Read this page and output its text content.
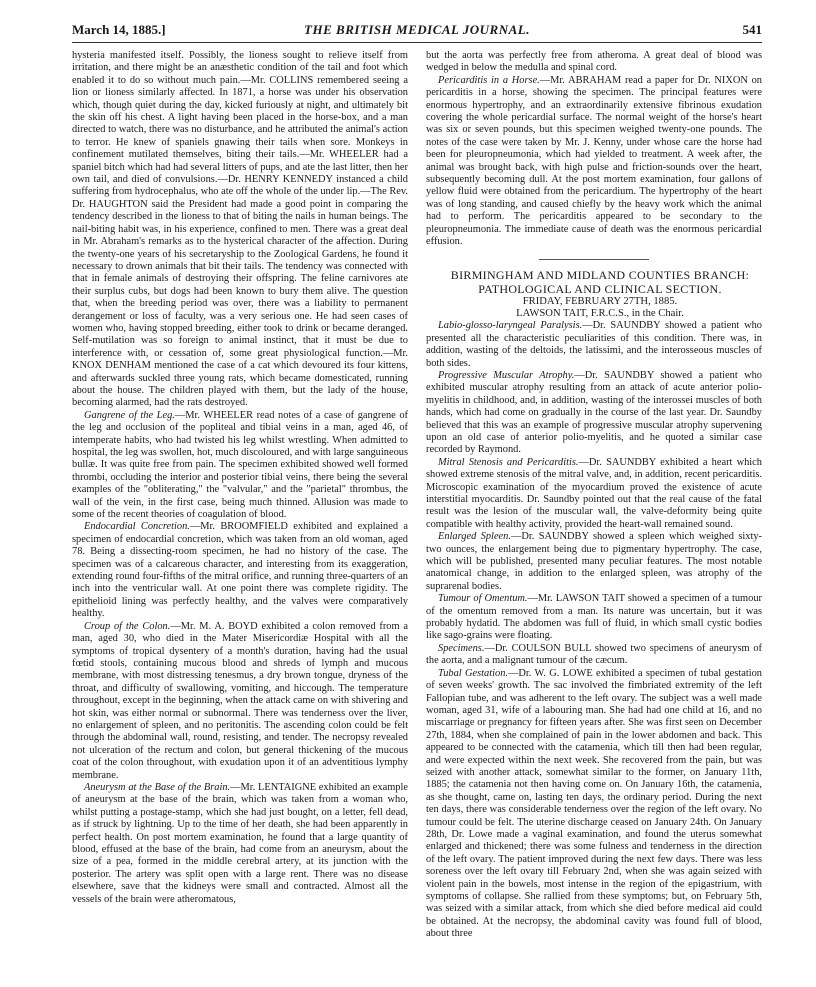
March 14, 1885.]	THE BRITISH MEDICAL JOURNAL.	541

hysteria manifested itself. Possibly, the lioness sought to relieve itself from irritation, and there might be an anæsthetic condition of the tail and foot which enabled it to do so without much pain.—Mr. COLLINS remembered seeing a lion or lioness similarly affected. In 1871, a horse was under his observation which, though quiet during the day, kicked furiously at night, and ultimately bit the skin off his chest. A light having been placed in the horse-box, and a man directed to watch, there was no disturbance, and he attributed the animal's action to terror. He knew of spaniels gnawing their tails when sore. Monkeys in confinement mutilated themselves, biting their tails.—Mr. WHEELER had a spaniel bitch which had had several litters of pups, and ate the last litter, then her own tail, and died of convulsions.—Dr. HENRY KENNEDY instanced a child suffering from hydrocephalus, who ate off the whole of the under lip.—The Rev. Dr. HAUGHTON said the President had made a good point in comparing the tendency described in the lioness to that of biting the nails in human beings. The nail-biting habit was, in his experience, confined to men. There was a great deal in Mr. Abraham's remarks as to the hysterical character of the affection. During the twenty-one years of his secretaryship to the Zoological Gardens, he found it necessary to drown animals that bit their tails. The tendency was connected with that in female animals of destroying their offspring. The feline carnivores ate their surplus cubs, but dogs had been known to bury them alive. The question that, when the breeding period was over, there was a liability to permanent derangement or loss of faculty, was a very serious one. He had seen cases of women who, having stopped breeding, either took to drink or became deranged. Self-mutilation was so foreign to animal instinct, that it must be due to interference with, or cessation of, some great physiological function.—Mr. KNOX DENHAM mentioned the case of a cat which devoured its four kittens, and afterwards suckled three young rats, which became domesticated, running about the house. The children played with them, but the lady of the house, becoming alarmed, had the rats destroyed.

Gangrene of the Leg.—Mr. WHEELER read notes of a case of gangrene of the leg and occlusion of the popliteal and tibial veins in a man, aged 46, of intemperate habits, who had twisted his leg whilst wrestling. When admitted to hospital, the leg was swollen, hot, much discoloured, and with large sanguineous bullæ. It was quite free from pain. The specimen exhibited showed well formed thrombi, occluding the interior and posterior tibial veins, there being the several examples of the "obliterating," the "valvular," and the "parietal" thrombus, the wall of the vein, in the first case, being much thinned. Allusion was made to some of the recent theories of coagulation of blood.

Endocardial Concretion.—Mr. BROOMFIELD exhibited and explained a specimen of endocardial concretion, which was taken from an old woman, aged 78. Being a dissecting-room specimen, he had no history of the case. The specimen was of a calcareous character, and interesting from its exaggeration, extending round four-fifths of the mitral orifice, and running three-quarters of an inch into the ventricular wall. At one point there was complete rigidity. The epithelioid lining was perfectly healthy, and the valves were comparatively healthy.

Croup of the Colon.—Mr. M. A. BOYD exhibited a colon removed from a man, aged 30, who died in the Mater Misericordiæ Hospital with all the symptoms of tropical dysentery of a month's duration, having had the usual fœtid stools, containing mucous blood and shreds of lymph and mucous membrane, with most distressing tenesmus, a dry brown tongue, dryness of the throat, and difficulty of swallowing, vomiting, and hiccough. The temperature throughout, except in the beginning, when the attack came on with shivering and hot skin, was either normal or subnormal. There was tenderness over the liver, no enlargement of spleen, and no peritonitis. The ascending colon could be felt through the abdominal wall, round, resisting, and tender. The necropsy revealed not ulceration of the rectum and colon, but general thickening of the mucous coat of the colon throughout, with exudation upon it of an adventitious lymphy membrane.

Aneurysm at the Base of the Brain.—Mr. LENTAIGNE exhibited an example of aneurysm at the base of the brain, which was taken from a woman who, whilst putting a postage-stamp, which she had just bought, on a letter, fell dead, as if struck by lightning. Up to the time of her death, she had been apparently in perfect health. On post mortem examination, he found that a large quantity of blood, effused at the base of the brain, had come from an aneurysm, about the size of a pea, formed in the middle cerebral artery, at its junction with the posterior. The artery was split open with a large rent. There was no disease elsewhere, save that the kidneys were small and contracted. Almost all the vessels of the brain were atheromatous,

but the aorta was perfectly free from atheroma. A great deal of blood was wedged in below the medulla and spinal cord.

Pericarditis in a Horse.—Mr. ABRAHAM read a paper for Dr. NIXON on pericarditis in a horse, showing the specimen. The principal features were enormous hypertrophy, and an extraordinarily extensive fibrinous exudation covering the whole pericardial surface. The normal weight of the horse's heart was six or seven pounds, but this specimen weighed twenty-one pounds. The notes of the case were taken by Mr. J. Kenny, under whose care the horse had been for pleuropneumonia, which had yielded to treatment. A week after, the animal was brought back, with high pulse and friction-sounds over the heart, subsequently becoming dull. At the post mortem examination, four gallons of yellow fluid were obtained from the pericardium. The hypertrophy of the heart was of long standing, and caused chiefly by the heavy work which the animal had to perform. The pericarditis appeared to be secondary to the pleuropneumonia. The immediate cause of death was the enormous pericardial effusion.

BIRMINGHAM AND MIDLAND COUNTIES BRANCH:

PATHOLOGICAL AND CLINICAL SECTION.

FRIDAY, FEBRUARY 27TH, 1885.

LAWSON TAIT, F.R.C.S., in the Chair.

Labio-glosso-laryngeal Paralysis.—Dr. SAUNDBY showed a patient who presented all the characteristic peculiarities of this condition. There was, in addition, wasting of the deltoids, the latissimi, and the interosseous muscles of both sides.

Progressive Muscular Atrophy.—Dr. SAUNDBY showed a patient who exhibited muscular atrophy resulting from an attack of acute anterior polio-myelitis in childhood, and, in addition, wasting of the interossei muscles of both hands, which had come on gradually in the course of the last year. Dr. Saundby believed that this was an example of progressive muscular atrophy supervening upon an old case of anterior polio-myelitis, and he quoted a similar case recorded by Raymond.

Mitral Stenosis and Pericarditis.—Dr. SAUNDBY exhibited a heart which showed extreme stenosis of the mitral valve, and, in addition, recent pericarditis. Microscopic examination of the myocardium proved the existence of acute interstitial myocarditis. Dr. Saundby pointed out that the real cause of the fatal result was the lesion of the muscular wall, the valve-deformity being quite compatible with healthy activity, provided the heart-wall remained sound.

Enlarged Spleen.—Dr. SAUNDBY showed a spleen which weighed sixty-two ounces, the enlargement being due to pigmentary hypertrophy. The case, which will be published, presented many peculiar features. The most notable anatomical change, in addition to the enlarged spleen, was atrophy of the suprarenal bodies.

Tumour of Omentum.—Mr. LAWSON TAIT showed a specimen of a tumour of the omentum removed from a man. Its nature was uncertain, but it was probably hydatid. The abdomen was full of fluid, in which small cystic bodies like sago-grains were floating.

Specimens.—Dr. COULSON BULL showed two specimens of aneurysm of the aorta, and a malignant tumour of the cæcum.

Tubal Gestation.—Dr. W. G. LOWE exhibited a specimen of tubal gestation of seven weeks' growth. The sac involved the fimbriated extremity of the left Fallopian tube, and was adherent to the left ovary. The subject was a well made woman, aged 31, wife of a labouring man. She had had one child at 16, and no miscarriage or pregnancy for fifteen years after. She was first seen on December 27th, 1884, when she complained of pain in the lower abdomen and back. This appeared to be connected with the catamenia, which till then had been regular, and were expected within the next week. She recovered from the pain, but was seized with another attack, somewhat similar to the former, on January 11th, 1885; the catamenia not then having come on. On January 16th, the catamenia, as she thought, came on, lasting ten days, the ordinary period. During the next ten days, there was considerable tenderness over the region of the left ovary. No tumour could be felt. The uterine discharge ceased on January 24th. On January 28th, Dr. Lowe made a vaginal examination, and found the uterus somewhat enlarged and thickened; there was some fulness and tenderness in the direction of the left ovary. The patient improved during the next few days. There was less soreness over the left ovary till February 2nd, when she was again seized with violent pain in the bowels, most intense in the region of the epigastrium, with symptoms of collapse. She rallied from these symptoms; but, on February 5th, was seized with a similar attack, from which she died before medical aid could be obtained. At the necropsy, the abdominal cavity was found full of blood, about three
